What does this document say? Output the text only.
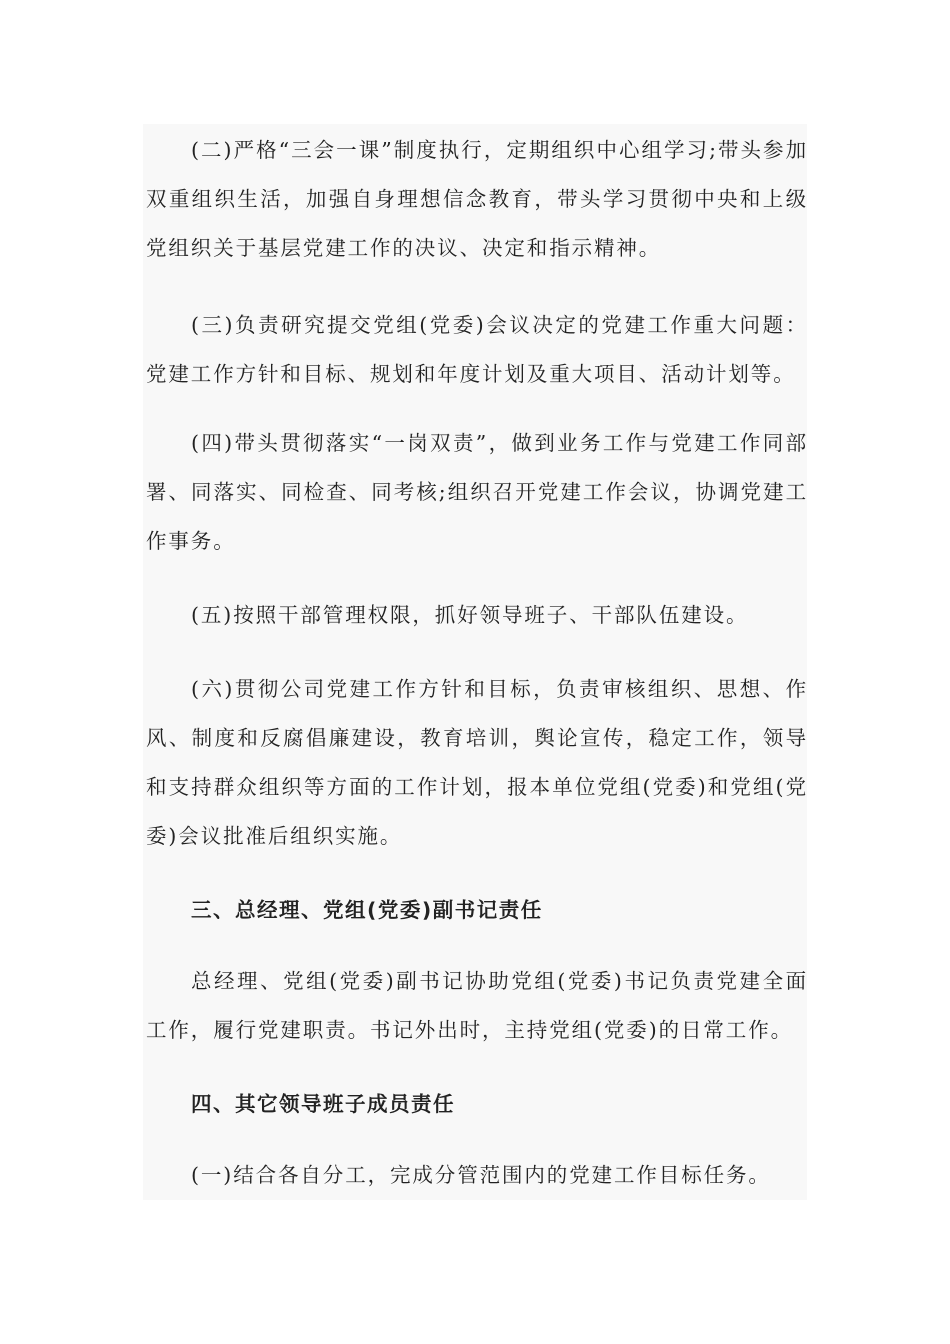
(二)严格“三会一课”制度执行，定期组织中心组学习;带头参加双重组织生活，加强自身理想信念教育，带头学习贯彻中央和上级党组织关于基层党建工作的决议、决定和指示精神。

(三)负责研究提交党组(党委)会议决定的党建工作重大问题：党建工作方针和目标、规划和年度计划及重大项目、活动计划等。

(四)带头贯彻落实“一岗双责”，做到业务工作与党建工作同部署、同落实、同检查、同考核;组织召开党建工作会议，协调党建工作事务。

(五)按照干部管理权限，抓好领导班子、干部队伍建设。

(六)贯彻公司党建工作方针和目标，负责审核组织、思想、作风、制度和反腐倡廉建设，教育培训，舆论宣传，稳定工作，领导和支持群众组织等方面的工作计划，报本单位党组(党委)和党组(党委)会议批准后组织实施。

三、总经理、党组(党委)副书记责任

总经理、党组(党委)副书记协助党组(党委)书记负责党建全面工作，履行党建职责。书记外出时，主持党组(党委)的日常工作。

四、其它领导班子成员责任

(一)结合各自分工，完成分管范围内的党建工作目标任务。
